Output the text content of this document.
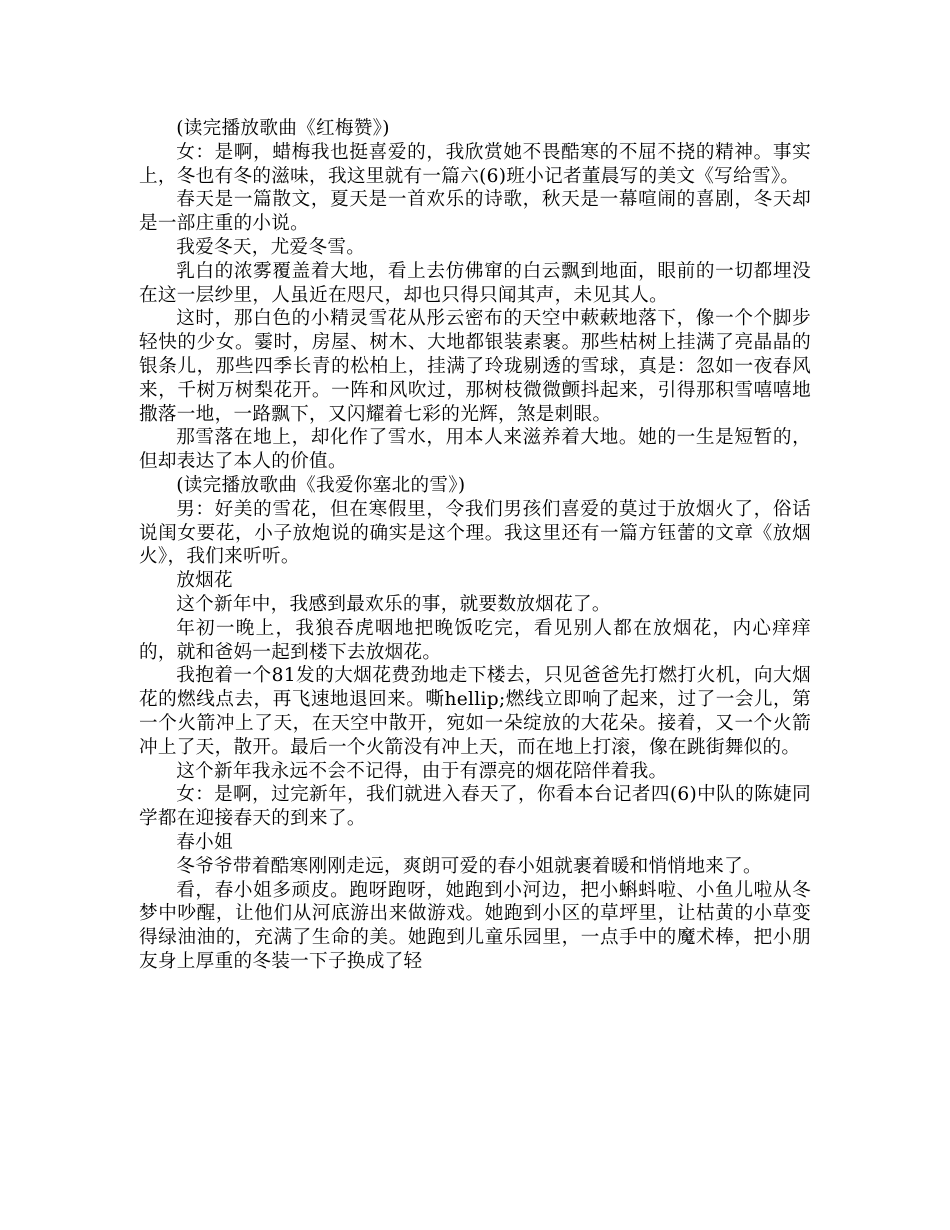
(读完播放歌曲《红梅赞》)

女：是啊，蜡梅我也挺喜爱的，我欣赏她不畏酷寒的不屈不挠的精神。事实上，冬也有冬的滋味，我这里就有一篇六(6)班小记者董晨写的美文《写给雪》。

春天是一篇散文，夏天是一首欢乐的诗歌，秋天是一幕喧闹的喜剧，冬天却是一部庄重的小说。

我爱冬天，尤爱冬雪。

乳白的浓雾覆盖着大地，看上去仿佛窜的白云飘到地面，眼前的一切都埋没在这一层纱里，人虽近在咫尺，却也只得只闻其声，未见其人。

这时，那白色的小精灵雪花从彤云密布的天空中蔌蔌地落下，像一个个脚步轻快的少女。霎时，房屋、树木、大地都银装素裹。那些枯树上挂满了亮晶晶的银条儿，那些四季长青的松柏上，挂满了玲珑剔透的雪球，真是：忽如一夜春风来，千树万树梨花开。一阵和风吹过，那树枝微微颤抖起来，引得那积雪嘻嘻地撒落一地，一路飘下，又闪耀着七彩的光辉，煞是刺眼。

那雪落在地上，却化作了雪水，用本人来滋养着大地。她的一生是短暂的，但却表达了本人的价值。

(读完播放歌曲《我爱你塞北的雪》)

男：好美的雪花，但在寒假里，令我们男孩们喜爱的莫过于放烟火了，俗话说闺女要花，小子放炮说的确实是这个理。我这里还有一篇方钰蕾的文章《放烟火》，我们来听听。

放烟花

这个新年中，我感到最欢乐的事，就要数放烟花了。

年初一晚上，我狼吞虎咽地把晚饭吃完，看见别人都在放烟花，内心痒痒的，就和爸妈一起到楼下去放烟花。

我抱着一个81发的大烟花费劲地走下楼去，只见爸爸先打燃打火机，向大烟花的燃线点去，再飞速地退回来。嘶hellip;燃线立即响了起来，过了一会儿，第一个火箭冲上了天，在天空中散开，宛如一朵绽放的大花朵。接着，又一个火箭冲上了天，散开。最后一个火箭没有冲上天，而在地上打滚，像在跳街舞似的。

这个新年我永远不会不记得，由于有漂亮的烟花陪伴着我。

女：是啊，过完新年，我们就进入春天了，你看本台记者四(6)中队的陈婕同学都在迎接春天的到来了。

春小姐

冬爷爷带着酷寒刚刚走远，爽朗可爱的春小姐就裹着暖和悄悄地来了。

看，春小姐多顽皮。跑呀跑呀，她跑到小河边，把小蝌蚪啦、小鱼儿啦从冬梦中吵醒，让他们从河底游出来做游戏。她跑到小区的草坪里，让枯黄的小草变得绿油油的，充满了生命的美。她跑到儿童乐园里，一点手中的魔术棒，把小朋友身上厚重的冬装一下子换成了轻
